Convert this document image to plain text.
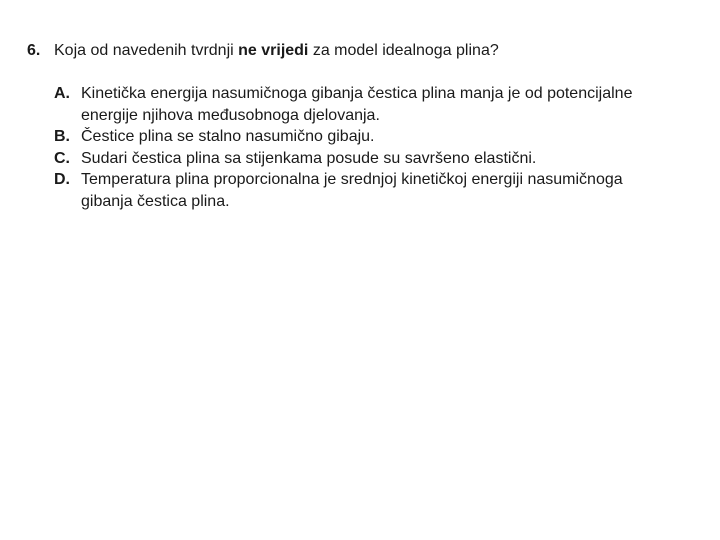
6. Koja od navedenih tvrdnji ne vrijedi za model idealnoga plina?
A. Kinetička energija nasumičnoga gibanja čestica plina manja je od potencijalne
energije njihova međusobnoga djelovanja.
B. Čestice plina se stalno nasumično gibaju.
C. Sudari čestica plina sa stijenkama posude su savršeno elastični.
D. Temperatura plina proporcionalna je srednjoj kinetičkoj energiji nasumičnoga
gibanja čestica plina.
